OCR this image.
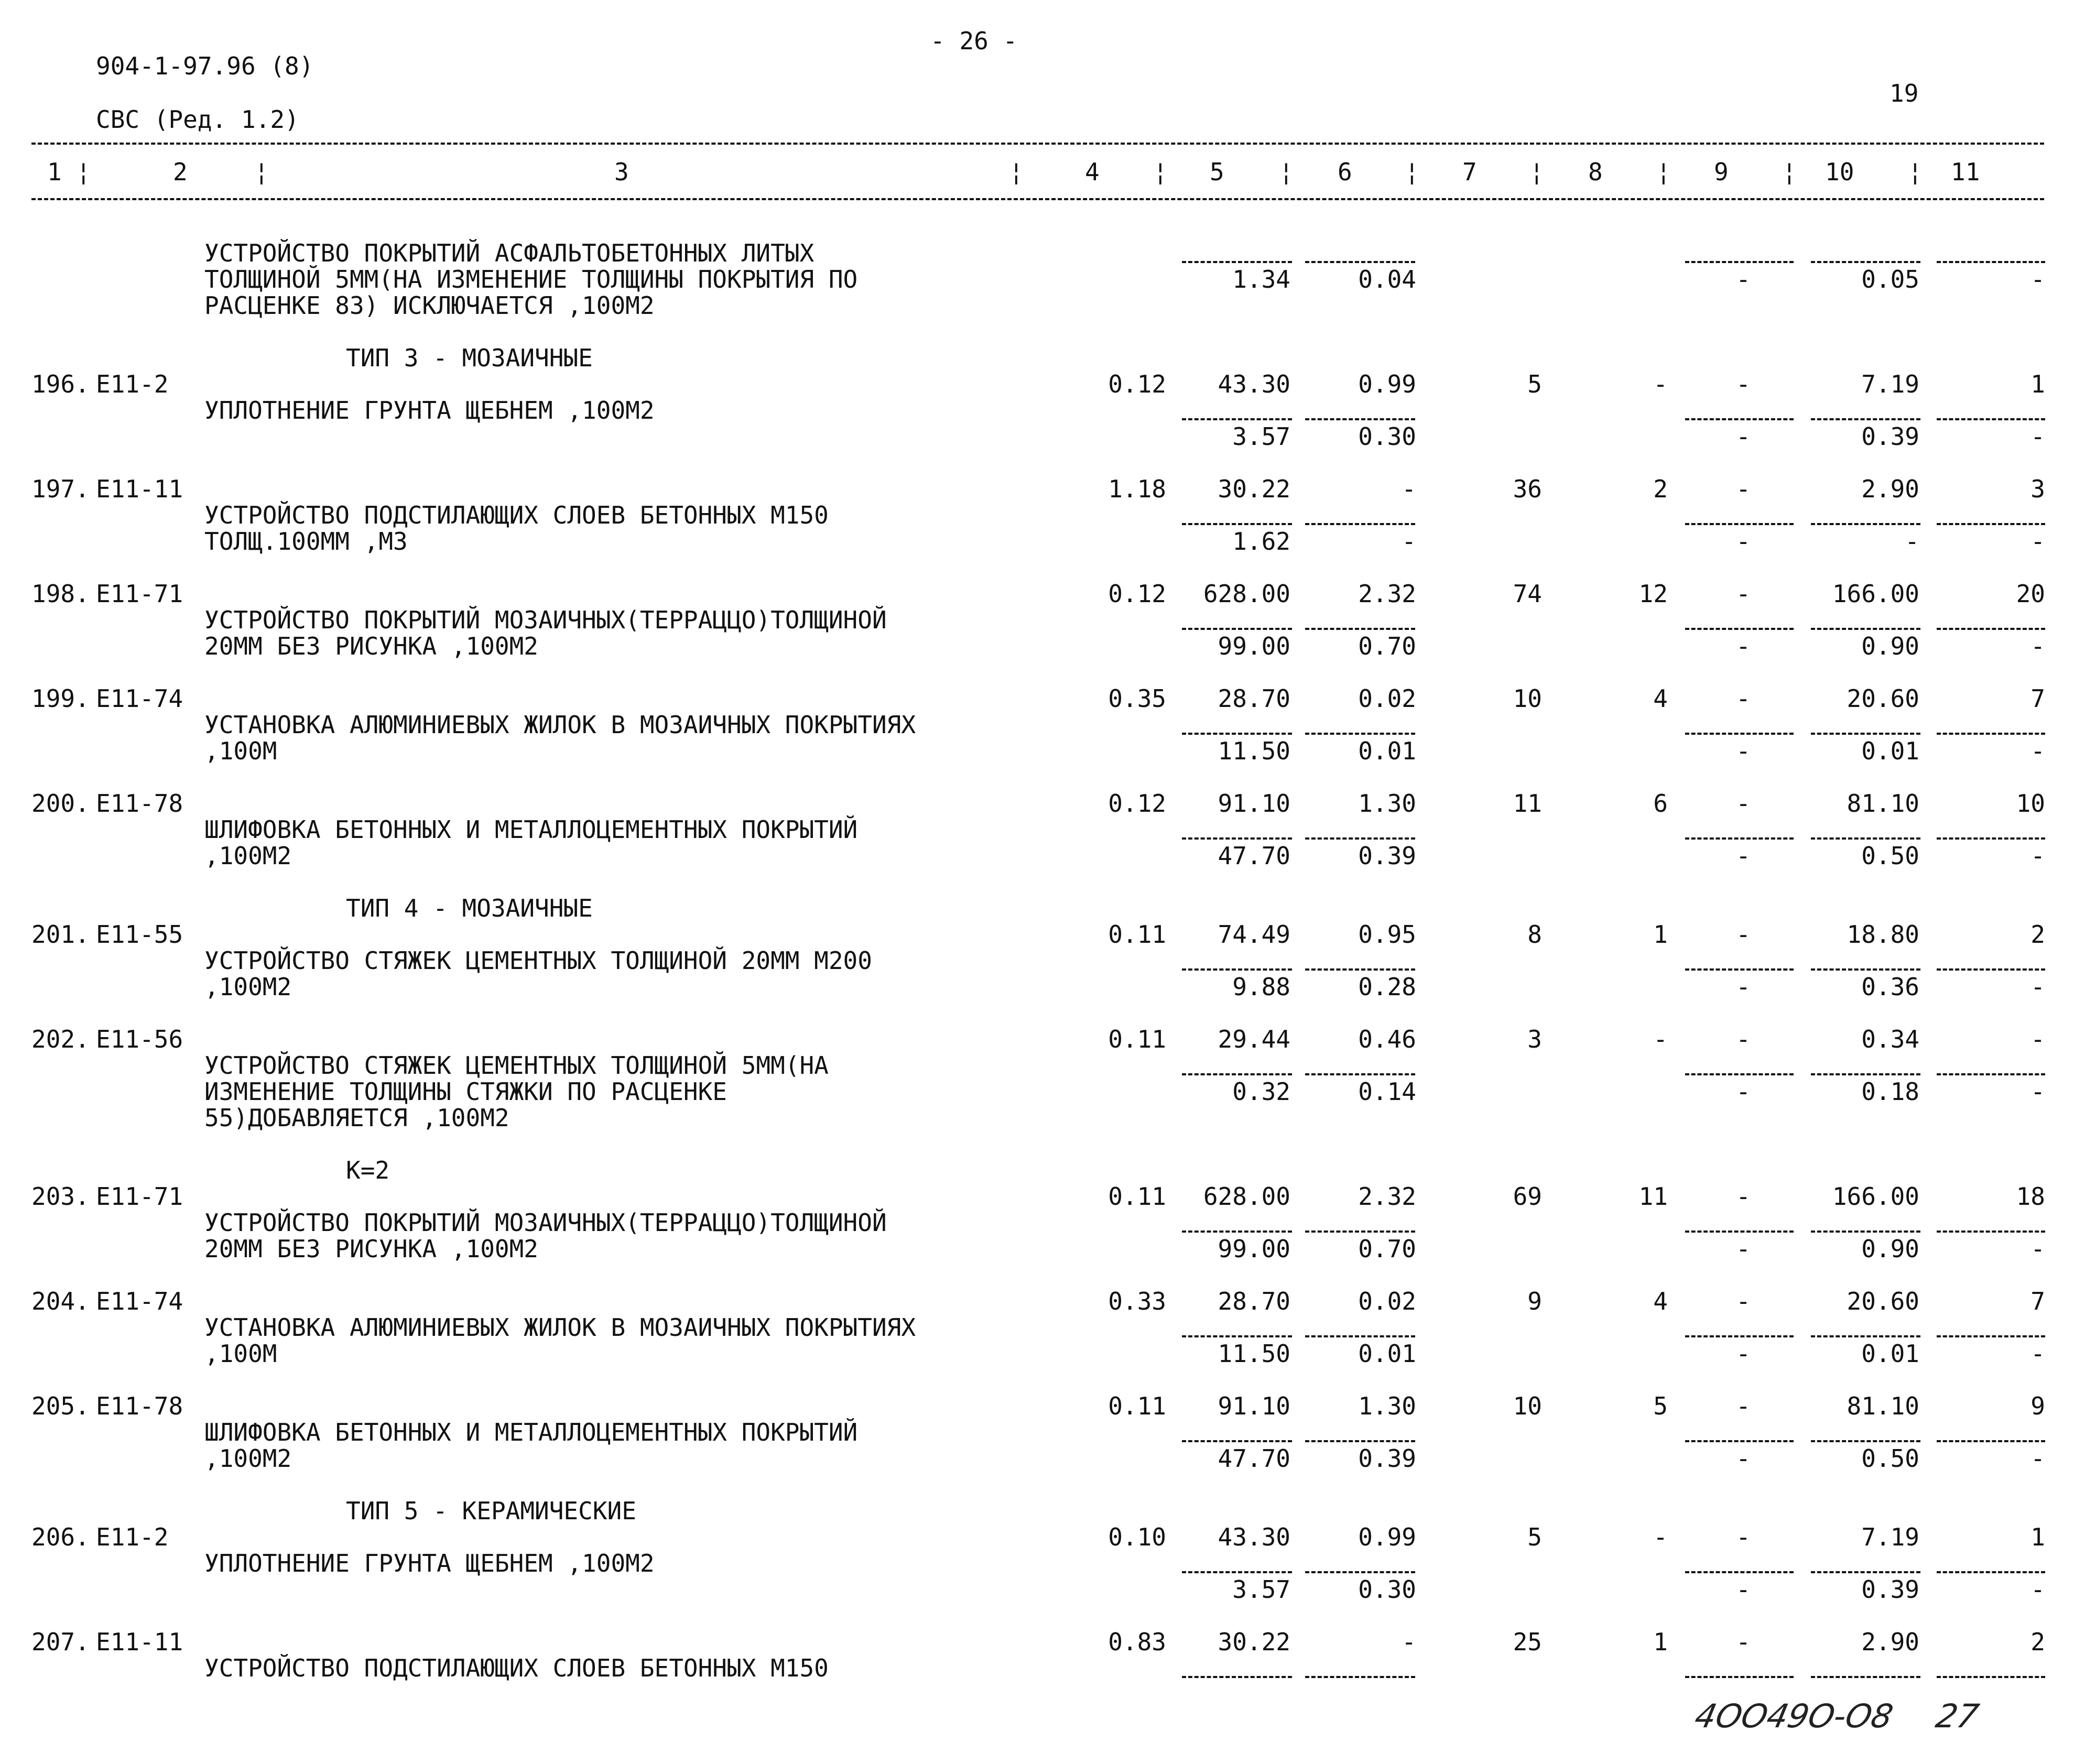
904-1-97.96 (8)
- 26 -
СВС (Ред. 1.2)
19
1 ¦	2	¦	3	¦	4 ¦ 5 ¦ 6 ¦ 7 ¦ 8 ¦ 9 ¦ 10 ¦ 11
УСТРОЙСТВО ПОКРЫТИЙ АСФАЛЬТОБЕТОННЫХ ЛИТЫХ
ТОЛЩИНОЙ 5ММ(НА ИЗМЕНЕНИЕ ТОЛЩИНЫ ПОКРЫТИЯ ПО
РАСЦЕНКЕ 83) ИСКЛЮЧАЕТСЯ ,100М2
1.34	0.04	-	0.05	-
ТИП 3 - МОЗАИЧНЫЕ
196. Е11-2	0.12	43.30	0.99	5	-	-	7.19	1
УПЛОТНЕНИЕ ГРУНТА ЩЕБНЕМ ,100М2
3.57	0.30	-	0.39	-
197. Е11-11	1.18	30.22	-	36	2	-	2.90	3
УСТРОЙСТВО ПОДСТИЛАЮЩИХ СЛОЕВ БЕТОННЫХ М150
ТОЛЩ.100ММ ,М3	1.62	-	-	-	-
198. Е11-71	0.12	628.00	2.32	74	12	-	166.00	20
УСТРОЙСТВО ПОКРЫТИЙ МОЗАИЧНЫХ(ТЕРРАЦЦО)ТОЛЩИНОЙ
20ММ БЕЗ РИСУНКА ,100М2	99.00	0.70	-	0.90	-
199. Е11-74	0.35	28.70	0.02	10	4	-	20.60	7
УСТАНОВКА АЛЮМИНИЕВЫХ ЖИЛОК В МОЗАИЧНЫХ ПОКРЫТИЯХ
,100М	11.50	0.01	-	0.01	-
200. Е11-78	0.12	91.10	1.30	11	6	-	81.10	10
ШЛИФОВКА БЕТОННЫХ И МЕТАЛЛОЦЕМЕНТНЫХ ПОКРЫТИЙ
,100М2	47.70	0.39	-	0.50	-
ТИП 4 - МОЗАИЧНЫЕ
201. Е11-55	0.11	74.49	0.95	8	1	-	18.80	2
УСТРОЙСТВО СТЯЖЕК ЦЕМЕНТНЫХ ТОЛЩИНОЙ 20ММ М200
,100М2	9.88	0.28	-	0.36	-
202. Е11-56	0.11	29.44	0.46	3	-	-	0.34	-
УСТРОЙСТВО СТЯЖЕК ЦЕМЕНТНЫХ ТОЛЩИНОЙ 5ММ(НА
ИЗМЕНЕНИЕ ТОЛЩИНЫ СТЯЖКИ ПО РАСЦЕНКЕ
55)ДОБАВЛЯЕТСЯ ,100М2
0.32	0.14	-	0.18	-
К=2
203. Е11-71	0.11	628.00	2.32	69	11	-	166.00	18
УСТРОЙСТВО ПОКРЫТИЙ МОЗАИЧНЫХ(ТЕРРАЦЦО)ТОЛЩИНОЙ
20ММ БЕЗ РИСУНКА ,100М2	99.00	0.70	-	0.90	-
204. Е11-74	0.33	28.70	0.02	9	4	-	20.60	7
УСТАНОВКА АЛЮМИНИЕВЫХ ЖИЛОК В МОЗАИЧНЫХ ПОКРЫТИЯХ
,100М	11.50	0.01	-	0.01	-
205. Е11-78	0.11	91.10	1.30	10	5	-	81.10	9
ШЛИФОВКА БЕТОННЫХ И МЕТАЛЛОЦЕМЕНТНЫХ ПОКРЫТИЙ
,100М2	47.70	0.39	-	0.50	-
ТИП 5 - КЕРАМИЧЕСКИЕ
206. Е11-2	0.10	43.30	0.99	5	-	-	7.19	1
УПЛОТНЕНИЕ ГРУНТА ЩЕБНЕМ ,100М2
3.57	0.30	-	0.39	-
207. Е11-11	0.83	30.22	-	25	1	-	2.90	2
УСТРОЙСТВО ПОДСТИЛАЮЩИХ СЛОЕВ БЕТОННЫХ М150
4ОО49О-О8 27
